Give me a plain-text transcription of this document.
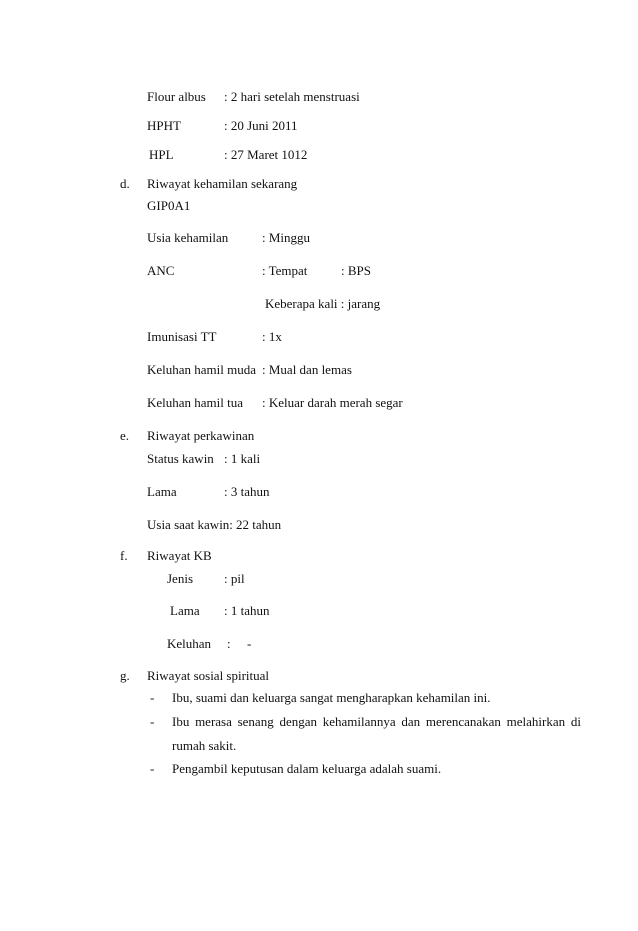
Flour albus : 2 hari setelah menstruasi
HPHT	: 20 Juni 2011
HPL	: 27 Maret 1012
d. Riwayat kehamilan sekarang
GIP0A1
Usia kehamilan	: Minggu
ANC	: Tempat	: BPS
Keberapa kali : jarang
Imunisasi TT	: 1x
Keluhan hamil muda : Mual dan lemas
Keluhan hamil tua : Keluar darah merah segar
e. Riwayat perkawinan
Status kawin : 1 kali
Lama	: 3 tahun
Usia saat kawin: 22 tahun
f. Riwayat KB
Jenis : pil
Lama : 1 tahun
Keluhan : -
g. Riwayat sosial spiritual
- Ibu, suami dan keluarga sangat mengharapkan kehamilan ini.
- Ibu merasa senang dengan kehamilannya dan merencanakan melahirkan di
rumah sakit.
- Pengambil keputusan dalam keluarga adalah suami.
